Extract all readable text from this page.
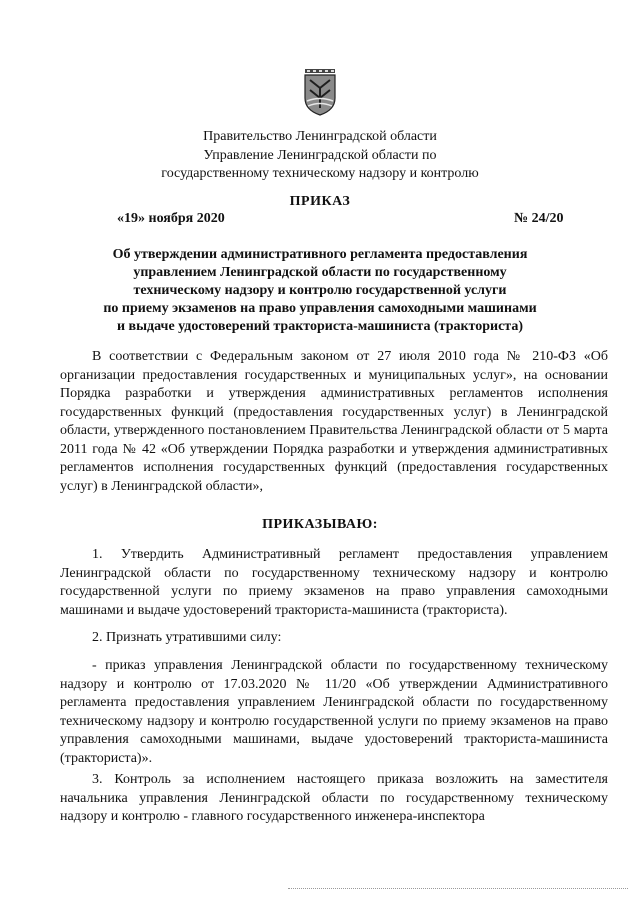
Правительство Ленинградской области
Управление Ленинградской области по
государственному техническому надзору и контролю
ПРИКАЗ
«19» ноября 2020	№ 24/20
Об утверждении административного регламента предоставления
управлением Ленинградской области по государственному
техническому надзору и контролю государственной услуги
по приему экзаменов на право управления самоходными машинами
и выдаче удостоверений тракториста-машиниста (тракториста)

В соответствии с Федеральным законом от 27 июля 2010 года № 210-ФЗ «Об организации предоставления государственных и муниципальных услуг», на основании Порядка разработки и утверждения административных регламентов исполнения государственных функций (предоставления государственных услуг) в Ленинградской области, утвержденного постановлением Правительства Ленинградской области от 5 марта 2011 года № 42 «Об утверждении Порядка разработки и утверждения административных регламентов исполнения государственных функций (предоставления государственных услуг) в Ленинградской области»,

ПРИКАЗЫВАЮ:

1. Утвердить Административный регламент предоставления управлением Ленинградской области по государственному техническому надзору и контролю государственной услуги по приему экзаменов на право управления самоходными машинами и выдаче удостоверений тракториста-машиниста (тракториста).

2. Признать утратившими силу:

- приказ управления Ленинградской области по государственному техническому надзору и контролю от 17.03.2020 № 11/20 «Об утверждении Административного регламента предоставления управлением Ленинградской области по государственному техническому надзору и контролю государственной услуги по приему экзаменов на право управления самоходными машинами, выдаче удостоверений тракториста-машиниста (тракториста)».

3. Контроль за исполнением настоящего приказа возложить на заместителя начальника управления Ленинградской области по государственному техническому надзору и контролю - главного государственного инженера-инспектора
